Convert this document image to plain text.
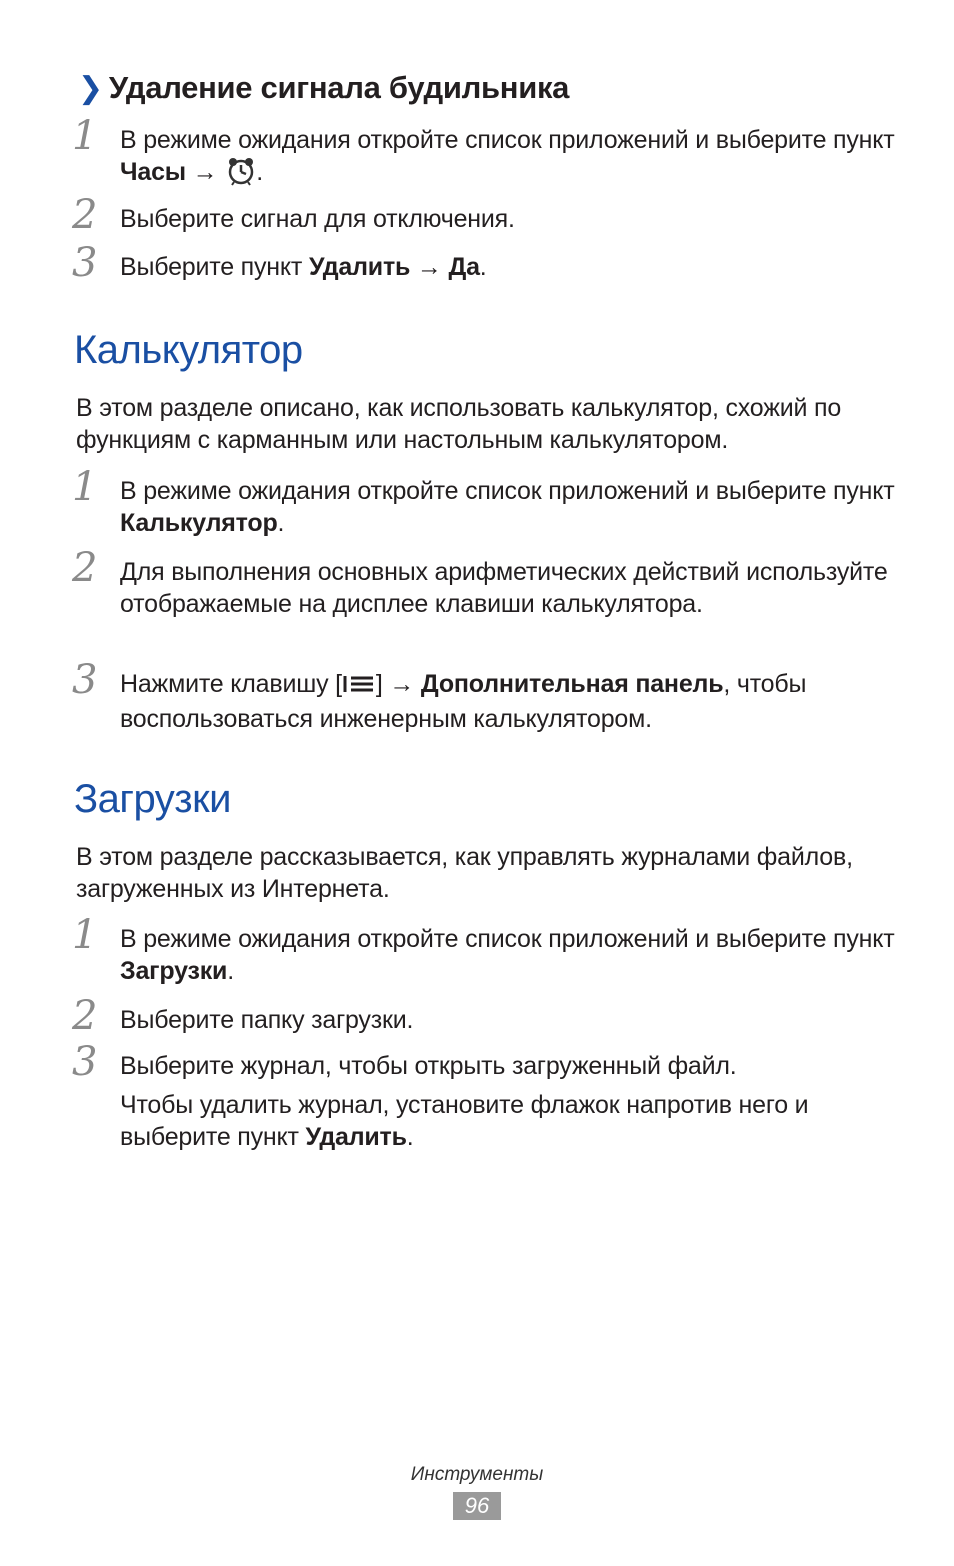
❯ Удаление сигнала будильника
1 В режиме ожидания откройте список приложений и выберите пункт Часы → .
2 Выберите сигнал для отключения.
3 Выберите пункт Удалить → Да.
Калькулятор
В этом разделе описано, как использовать калькулятор, схожий по функциям с карманным или настольным калькулятором.
1 В режиме ожидания откройте список приложений и выберите пункт Калькулятор.
2 Для выполнения основных арифметических действий используйте отображаемые на дисплее клавиши калькулятора.
3 Нажмите клавишу [ ] → Дополнительная панель, чтобы воспользоваться инженерным калькулятором.
Загрузки
В этом разделе рассказывается, как управлять журналами файлов, загруженных из Интернета.
1 В режиме ожидания откройте список приложений и выберите пункт Загрузки.
2 Выберите папку загрузки.
3 Выберите журнал, чтобы открыть загруженный файл.
Чтобы удалить журнал, установите флажок напротив него и выберите пункт Удалить.
Инструменты
96
